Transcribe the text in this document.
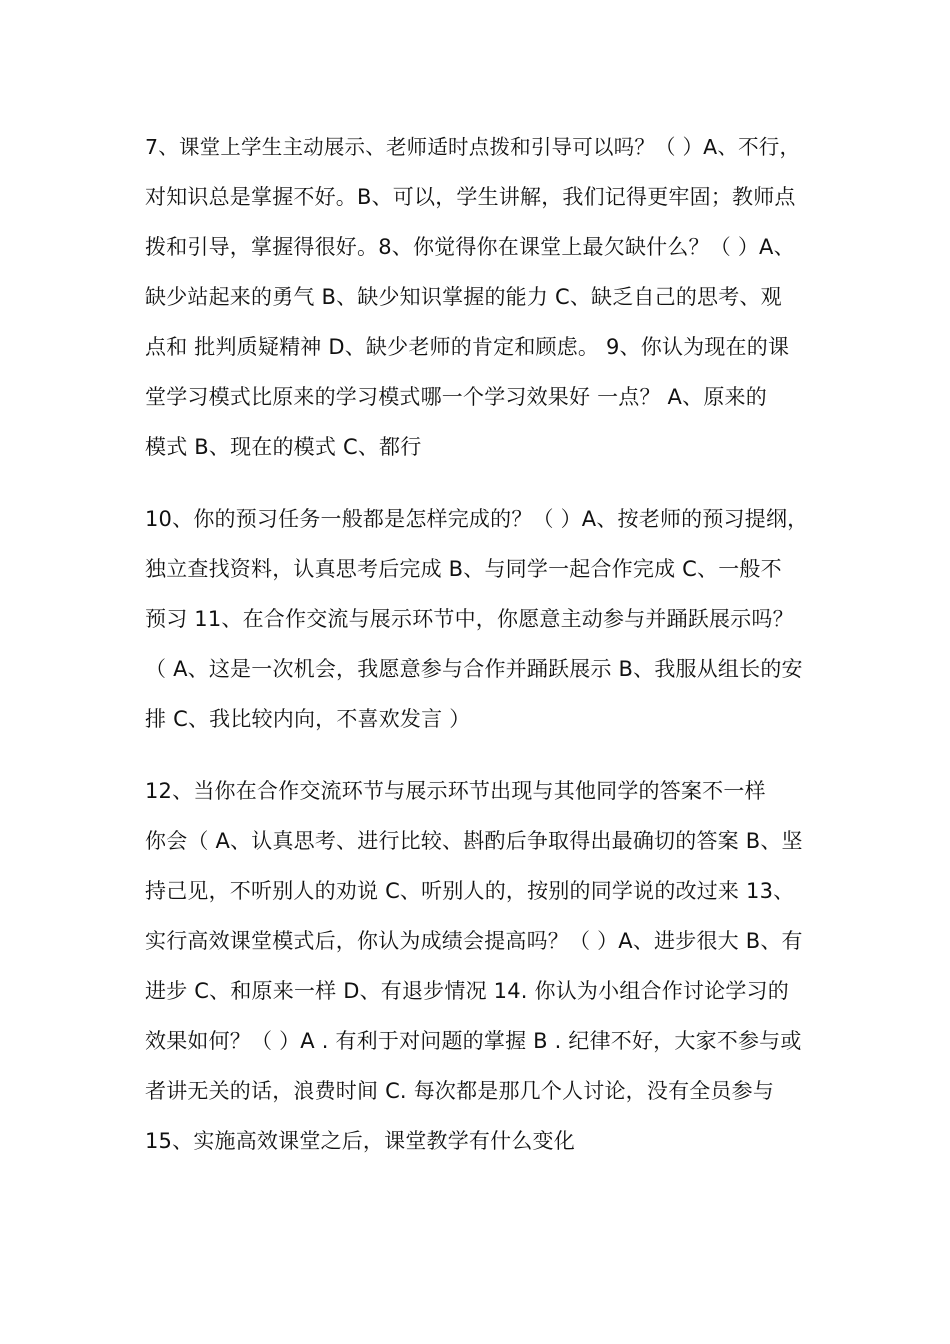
7、课堂上学生主动展示、老师适时点拨和引导可以吗？（ ）A、不行，
对知识总是掌握不好。B、可以，学生讲解，我们记得更牢固；教师点
拨和引导，掌握得很好。8、你觉得你在课堂上最欠缺什么？（ ）A、
缺少站起来的勇气 B、缺少知识掌握的能力 C、缺乏自己的思考、观
点和 批判质疑精神 D、缺少老师的肯定和顾虑。 9、你认为现在的课
堂学习模式比原来的学习模式哪一个学习效果好 一点？ A、原来的
模式 B、现在的模式 C、都行
10、你的预习任务一般都是怎样完成的？（ ）A、按老师的预习提纲，
独立查找资料，认真思考后完成 B、与同学一起合作完成 C、一般不
预习 11、在合作交流与展示环节中，你愿意主动参与并踊跃展示吗？
（ A、这是一次机会，我愿意参与合作并踊跃展示 B、我服从组长的安
排 C、我比较内向，不喜欢发言 ）
12、当你在合作交流环节与展示环节出现与其他同学的答案不一样
你会（ A、认真思考、进行比较、斟酌后争取得出最确切的答案 B、坚
持己见，不听别人的劝说 C、听别人的，按别的同学说的改过来 13、
实行高效课堂模式后，你认为成绩会提高吗？（ ）A、进步很大 B、有
进步 C、和原来一样 D、有退步情况 14. 你认为小组合作讨论学习的
效果如何？（ ）A . 有利于对问题的掌握 B . 纪律不好，大家不参与或
者讲无关的话，浪费时间 C. 每次都是那几个人讨论，没有全员参与
15、实施高效课堂之后，课堂教学有什么变化
